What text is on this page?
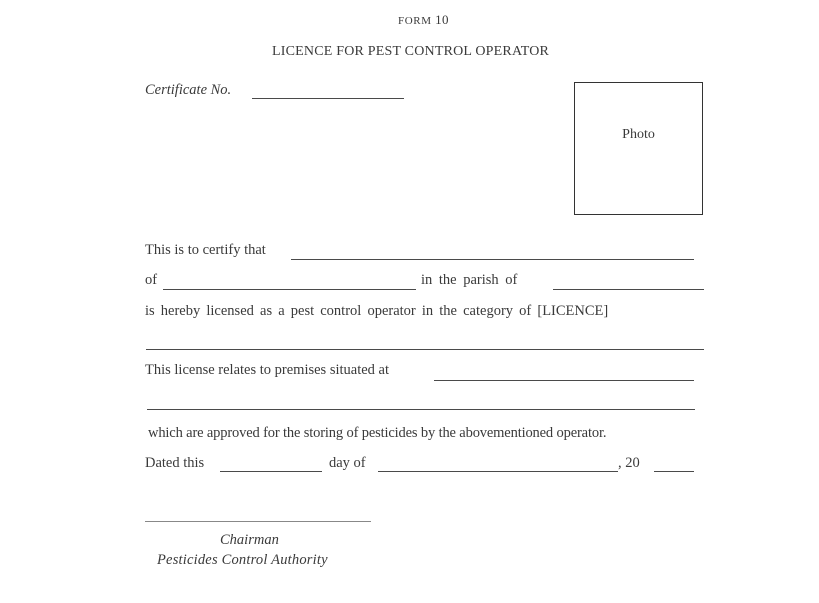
FORM 10
LICENCE FOR PEST CONTROL OPERATOR
Certificate No.
Photo
This is to certify that
of	in the parish of
is hereby licensed as a pest control operator in the category of [LICENCE]
This license relates to premises situated at
which are approved for the storing of pesticides by the abovementioned operator.
Dated this	day of	, 20
Chairman
Pesticides Control Authority
